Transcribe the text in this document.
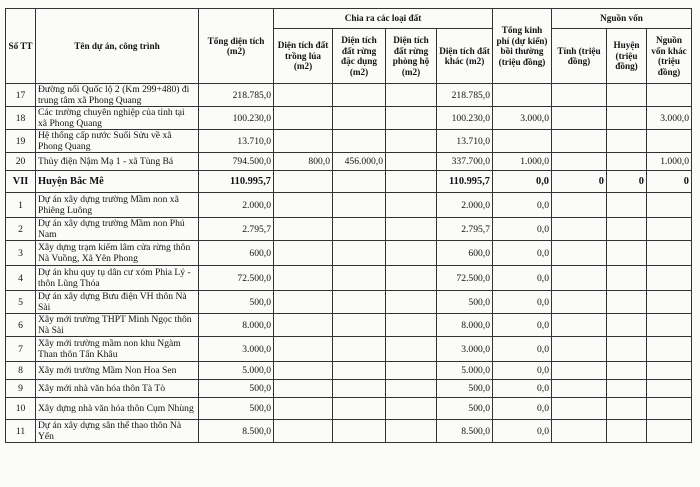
Số TT	Tên dự án, công trình	Tổng diện tích (m2)	Chia ra các loại đất				Tổng kinh phí (dự kiến) bồi thường (triệu đồng)	Nguồn vốn		
			Diện tích đất trồng lúa (m2)	Diện tích đất rừng đặc dụng (m2)	Diện tích đất rừng phòng hộ (m2)	Diện tích đất khác (m2)		Tỉnh (triệu đồng)	Huyện (triệu đồng)	Nguồn vốn khác (triệu đồng)
17	Đường nối Quốc lộ 2 (Km 299+480) đi trung tâm xã Phong Quang	218.785,0				218.785,0				
18	Các trường chuyên nghiệp của tỉnh tại xã Phong Quang	100.230,0				100.230,0	3.000,0			3.000,0
19	Hệ thống cấp nước Suối Sửu về xã Phong Quang	13.710,0				13.710,0				
20	Thủy điện Nậm Mạ 1 - xã Tùng Bá	794.500,0	800,0	456.000,0		337.700,0	1.000,0			1.000,0
VII	Huyện Bắc Mê	110.995,7				110.995,7	0,0	0	0	0
1	Dự án xây dựng trường Mầm non xã Phiêng Luông	2.000,0				2.000,0	0,0			
2	Dự án xây dựng trường Mầm non Phú Nam	2.795,7				2.795,7	0,0			
3	Xây dựng trạm kiểm lâm cửa rừng thôn Nà Vuồng, Xã Yên Phong	600,0				600,0	0,0			
4	Dự án khu quy tụ dân cư xóm Phia Lý - thôn Lũng Thóa	72.500,0				72.500,0	0,0			
5	Dự án xây dựng Bưu điện VH thôn Nà Sài	500,0				500,0	0,0			
6	Xây mới trường THPT Minh Ngọc thôn Nà Sài	8.000,0				8.000,0	0,0			
7	Xây mới trường mầm non khu Ngàm Than thôn Tẩn Khâu	3.000,0				3.000,0	0,0			
8	Xây mới trường Mầm Non Hoa Sen	5.000,0				5.000,0	0,0			
9	Xây mới nhà văn hóa thôn Tà Tò	500,0				500,0	0,0			
10	Xây dựng nhà văn hóa thôn Cụm Nhùng	500,0				500,0	0,0			
11	Dự án xây dựng sân thể thao thôn Nà Yến	8.500,0				8.500,0	0,0			
